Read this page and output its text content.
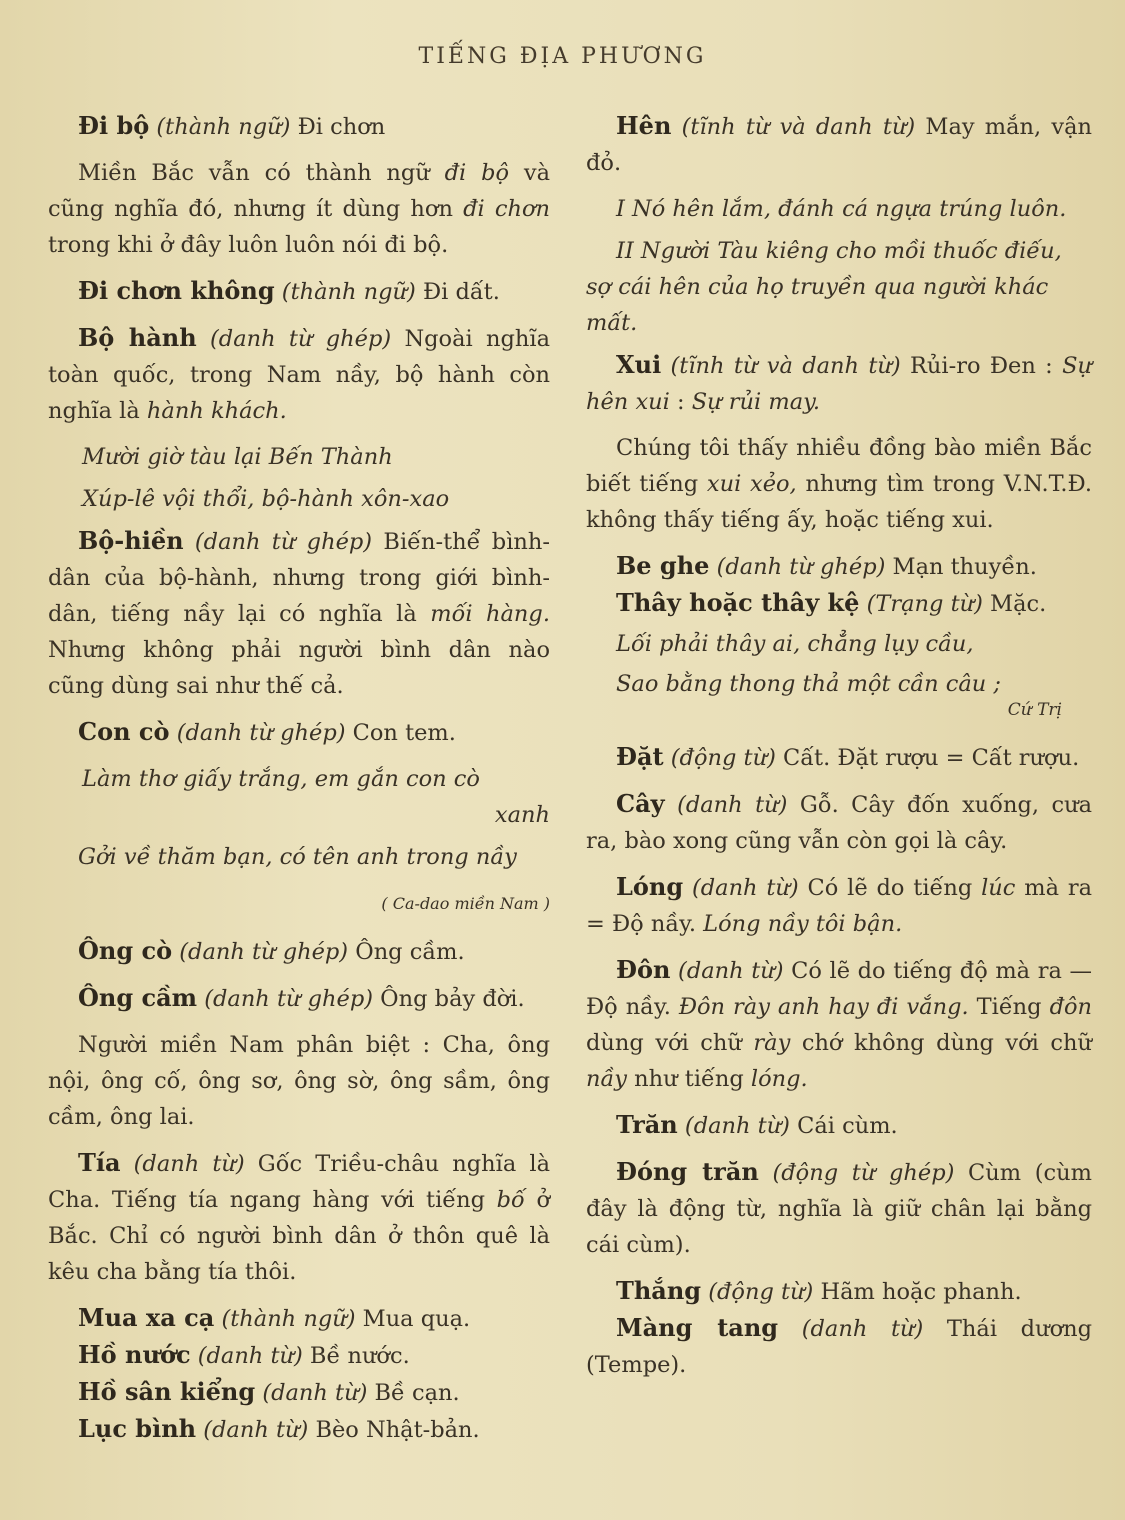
TIẾNG ĐỊA PHƯƠNG

Đi bộ (thành ngữ) Đi chơn

Miền Bắc vẫn có thành ngữ đi bộ và cũng nghĩa đó, nhưng ít dùng hơn đi chơn trong khi ở đây luôn luôn nói đi bộ.

Đi chơn không (thành ngữ) Đi dất.

Bộ hành (danh từ ghép) Ngoài nghĩa toàn quốc, trong Nam nầy, bộ hành còn nghĩa là hành khách.

Mười giờ tàu lại Bến Thành

Xúp-lê vội thổi, bộ-hành xôn-xao

Bộ-hiền (danh từ ghép) Biến-thể bình-dân của bộ-hành, nhưng trong giới bình-dân, tiếng nầy lại có nghĩa là mối hàng. Nhưng không phải người bình dân nào cũng dùng sai như thế cả.

Con cò (danh từ ghép) Con tem.

Làm thơ giấy trắng, em gắn con cò

xanh

Gởi về thăm bạn, có tên anh trong nầy

( Ca-dao miền Nam )

Ông cò (danh từ ghép) Ông cầm.

Ông cầm (danh từ ghép) Ông bảy đời.

Người miền Nam phân biệt : Cha, ông nội, ông cố, ông sơ, ông sờ, ông sầm, ông cầm, ông lai.

Tía (danh từ) Gốc Triều-châu nghĩa là Cha. Tiếng tía ngang hàng với tiếng bố ở Bắc. Chỉ có người bình dân ở thôn quê là kêu cha bằng tía thôi.

Mua xa cạ (thành ngữ) Mua quạ.

Hồ nước (danh từ) Bề nước.

Hồ sân kiểng (danh từ) Bề cạn.

Lục bình (danh từ) Bèo Nhật-bản.

Hên (tĩnh từ và danh từ) May mắn, vận đỏ.

I Nó hên lắm, đánh cá ngựa trúng luôn.

II Người Tàu kiêng cho mồi thuốc điếu, sợ cái hên của họ truyền qua người khác mất.

Xui (tĩnh từ và danh từ) Rủi-ro Đen : Sự hên xui : Sự rủi may.

Chúng tôi thấy nhiều đồng bào miền Bắc biết tiếng xui xẻo, nhưng tìm trong V.N.T.Đ. không thấy tiếng ấy, hoặc tiếng xui.

Be ghe (danh từ ghép) Mạn thuyền.

Thây hoặc thây kệ (Trạng từ) Mặc.

Lối phải thây ai, chẳng lụy cầu,

Sao bằng thong thả một cần câu ;

Cứ Trị

Đặt (động từ) Cất. Đặt rượu = Cất rượu.

Cây (danh từ) Gỗ. Cây đốn xuống, cưa ra, bào xong cũng vẫn còn gọi là cây.

Lóng (danh từ) Có lẽ do tiếng lúc mà ra = Độ nầy. Lóng nầy tôi bận.

Đôn (danh từ) Có lẽ do tiếng độ mà ra — Độ nầy. Đôn rày anh hay đi vắng. Tiếng đôn dùng với chữ rày chớ không dùng với chữ nầy như tiếng lóng.

Trăn (danh từ) Cái cùm.

Đóng trăn (động từ ghép) Cùm (cùm đây là động từ, nghĩa là giữ chân lại bằng cái cùm).

Thắng (động từ) Hãm hoặc phanh.

Màng tang (danh từ) Thái dương (Tempe).
